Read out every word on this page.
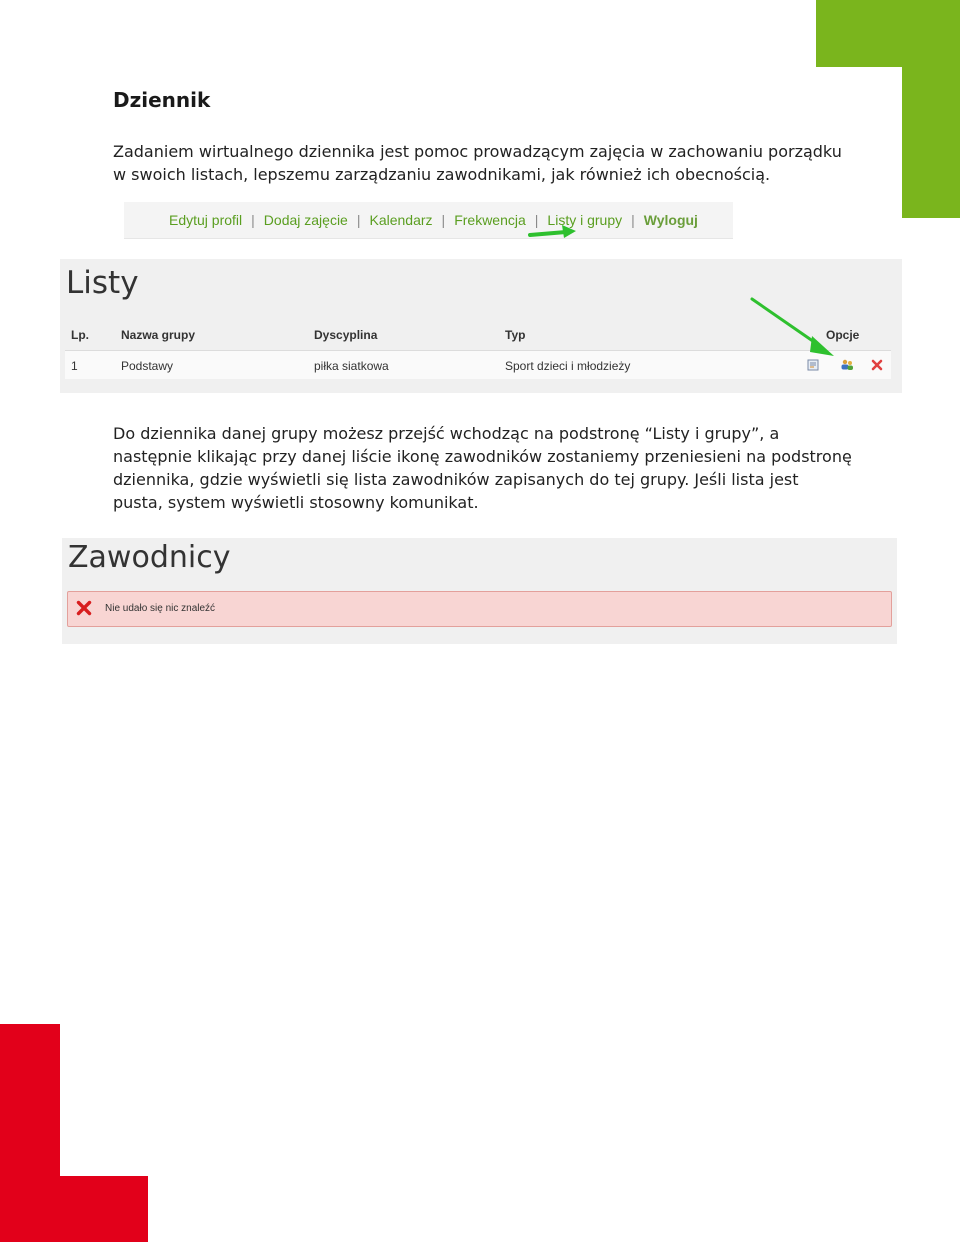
Dziennik
Zadaniem wirtualnego dziennika jest pomoc prowadzącym zajęcia w zachowaniu porządku w swoich listach, lepszemu zarządzaniu zawodnikami, jak również ich obecnością.
Edytuj profil | Dodaj zajęcie | Kalendarz | Frekwencja | Listy i grupy | Wyloguj
Listy
Lp.	Nazwa grupy	Dyscyplina	Typ	Opcje
1	Podstawy	piłka siatkowa	Sport dzieci i młodzieży
Do dziennika danej grupy możesz przejść wchodząc na podstronę “Listy i grupy”, a następnie klikając przy danej liście ikonę zawodników zostaniemy przeniesieni na podstronę dziennika, gdzie wyświetli się lista zawodników zapisanych do tej grupy. Jeśli lista jest pusta, system wyświetli stosowny komunikat.
Zawodnicy
Nie udało się nic znaleźć
